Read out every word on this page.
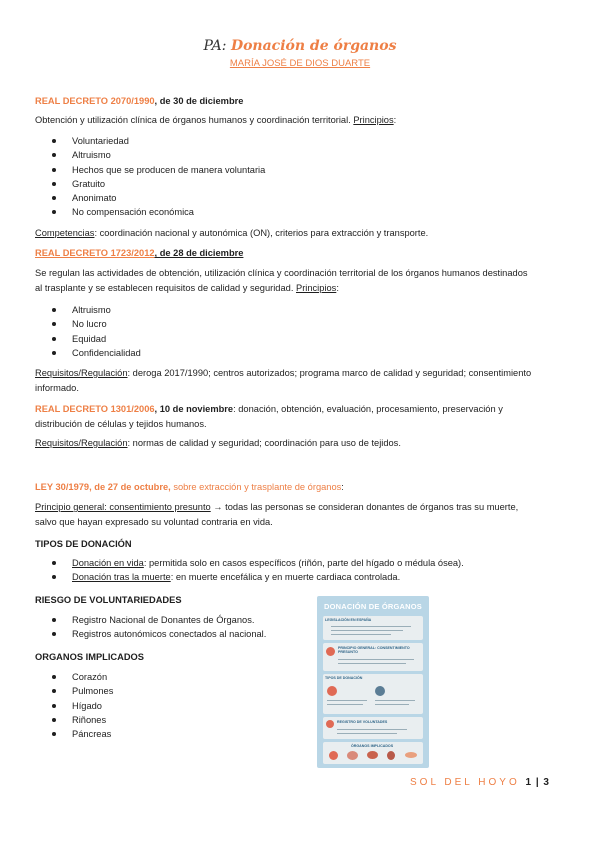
PA: Donación de órganos
MARÍA JOSÉ DE DIOS DUARTE
REAL DECRETO 2070/1990, de 30 de diciembre
Obtención y utilización clínica de órganos humanos y coordinación territorial. Principios:
Voluntariedad
Altruismo
Hechos que se producen de manera voluntaria
Gratuito
Anonimato
No compensación económica
Competencias: coordinación nacional y autonómica (ON), criterios para extracción y transporte.
REAL DECRETO 1723/2012, de 28 de diciembre
Se regulan las actividades de obtención, utilización clínica y coordinación territorial de los órganos humanos destinados
al trasplante y se establecen requisitos de calidad y seguridad. Principios:
Altruismo
No lucro
Equidad
Confidencialidad
Requisitos/Regulación: deroga 2017/1990; centros autorizados; programa marco de calidad y seguridad; consentimiento
informado.
REAL DECRETO 1301/2006, 10 de noviembre: donación, obtención, evaluación, procesamiento, preservación y
distribución de células y tejidos humanos.
Requisitos/Regulación: normas de calidad y seguridad; coordinación para uso de tejidos.
LEY 30/1979, de 27 de octubre, sobre extracción y trasplante de órganos:
Principio general: consentimiento presunto → todas las personas se consideran donantes de órganos tras su muerte,
salvo que hayan expresado su voluntad contraria en vida.
TIPOS DE DONACIÓN
Donación en vida: permitida solo en casos específicos (riñón, parte del hígado o médula ósea).
Donación tras la muerte: en muerte encefálica y en muerte cardiaca controlada.
RIESGO DE VOLUNTARIEDADES
Registro Nacional de Donantes de Órganos.
Registros autonómicos conectados al nacional.
ORGANOS IMPLICADOS
Corazón
Pulmones
Hígado
Riñones
Páncreas
DONACIÓN DE ÓRGANOS
LEGISLACIÓN EN ESPAÑA
PRINCIPIO GENERAL: CONSENTIMIENTO PRESUNTO
TIPOS DE DONACIÓN
REGISTRO DE VOLUNTADES
ÓRGANOS IMPLICADOS
SOL DEL HOYO 1 | 3
